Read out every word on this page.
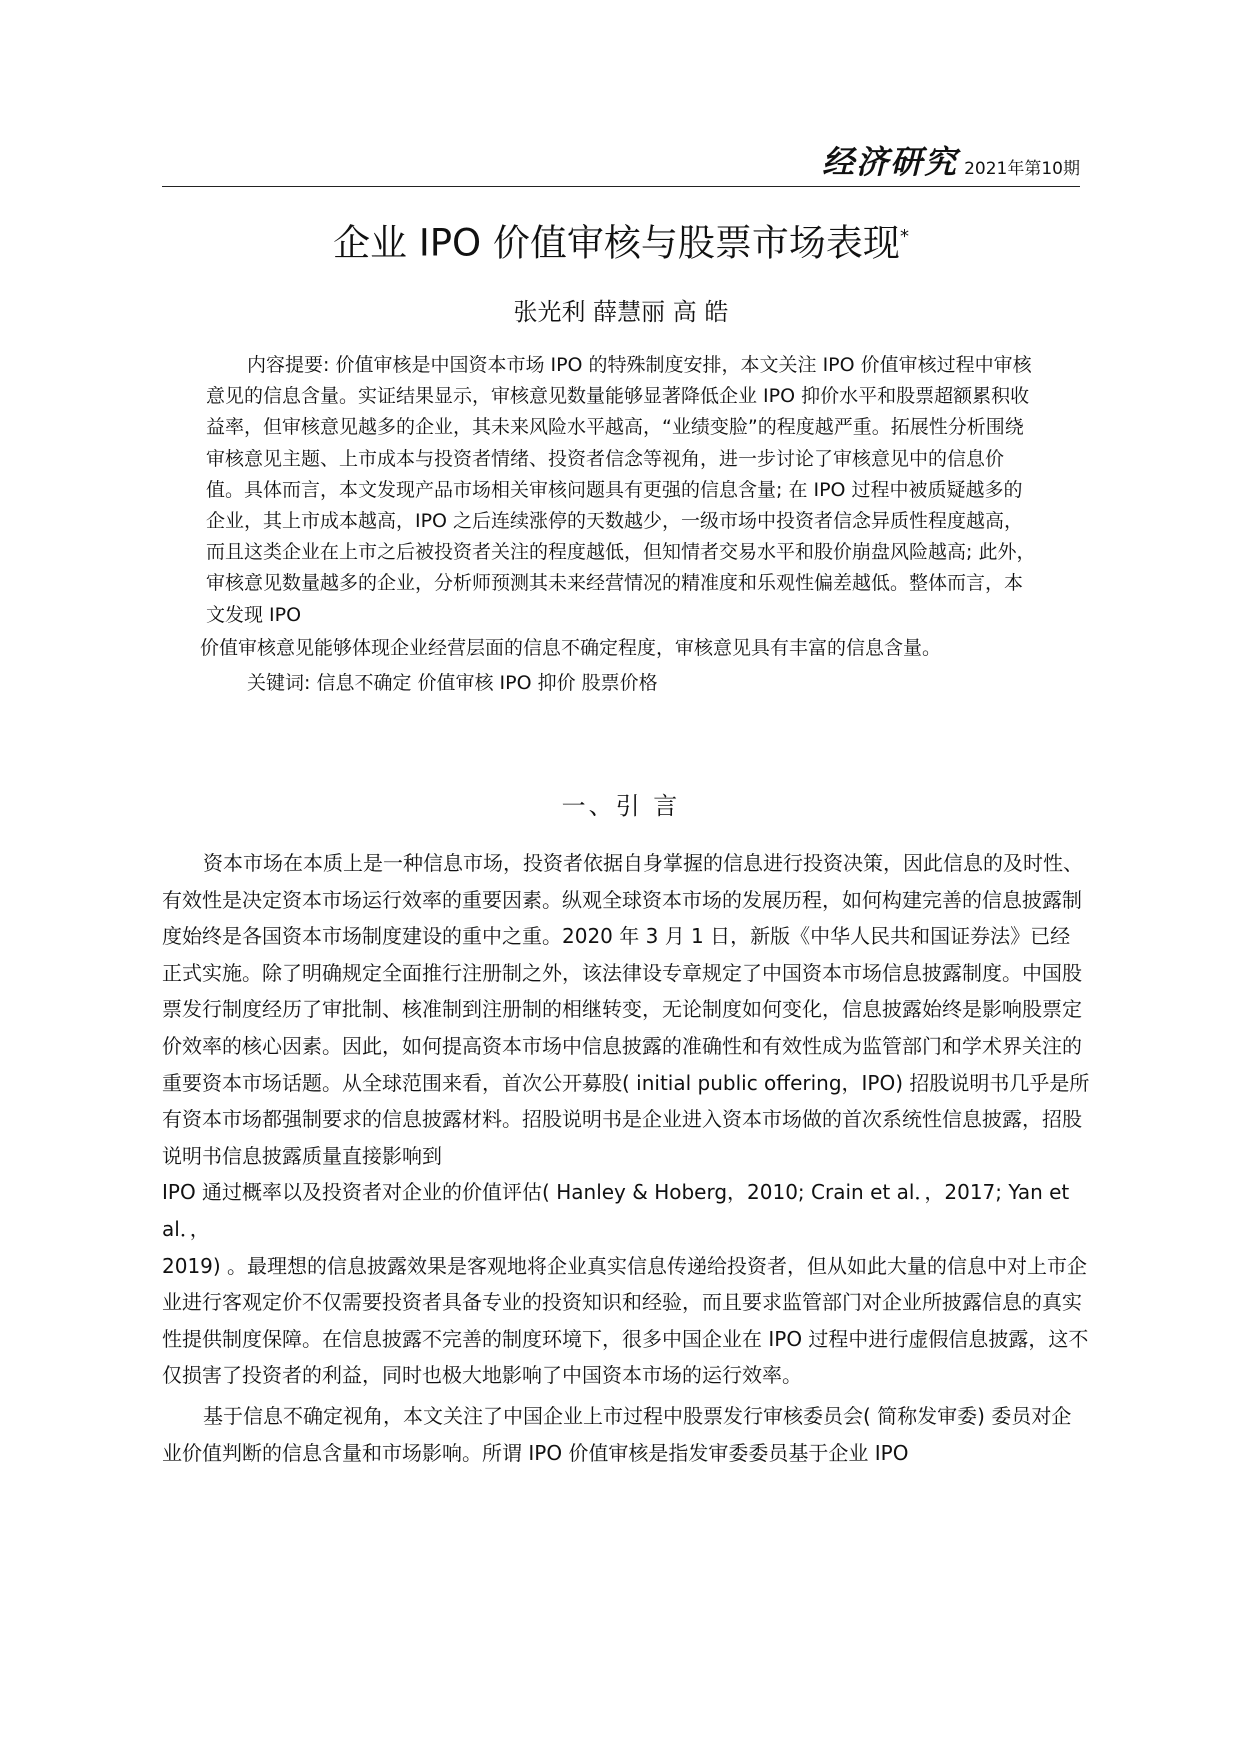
经济研究 2021年第10期
企业 IPO 价值审核与股票市场表现*
张光利 薛慧丽 高 皓

内容提要: 价值审核是中国资本市场 IPO 的特殊制度安排，本文关注 IPO 价值审核过程中审核意见的信息含量。实证结果显示，审核意见数量能够显著降低企业 IPO 抑价水平和股票超额累积收益率，但审核意见越多的企业，其未来风险水平越高，“业绩变脸”的程度越严重。拓展性分析围绕审核意见主题、上市成本与投资者情绪、投资者信念等视角，进一步讨论了审核意见中的信息价值。具体而言，本文发现产品市场相关审核问题具有更强的信息含量; 在 IPO 过程中被质疑越多的企业，其上市成本越高，IPO 之后连续涨停的天数越少，一级市场中投资者信念异质性程度越高，而且这类企业在上市之后被投资者关注的程度越低，但知情者交易水平和股价崩盘风险越高; 此外，审核意见数量越多的企业，分析师预测其未来经营情况的精准度和乐观性偏差越低。整体而言，本文发现 IPO

价值审核意见能够体现企业经营层面的信息不确定程度，审核意见具有丰富的信息含量。

关键词: 信息不确定 价值审核 IPO 抑价 股票价格

一、引 言

资本市场在本质上是一种信息市场，投资者依据自身掌握的信息进行投资决策，因此信息的及时性、有效性是决定资本市场运行效率的重要因素。纵观全球资本市场的发展历程，如何构建完善的信息披露制度始终是各国资本市场制度建设的重中之重。2020 年 3 月 1 日，新版《中华人民共和国证券法》已经正式实施。除了明确规定全面推行注册制之外，该法律设专章规定了中国资本市场信息披露制度。中国股票发行制度经历了审批制、核准制到注册制的相继转变，无论制度如何变化，信息披露始终是影响股票定价效率的核心因素。因此，如何提高资本市场中信息披露的准确性和有效性成为监管部门和学术界关注的重要资本市场话题。从全球范围来看，首次公开募股( initial public offering，IPO) 招股说明书几乎是所有资本市场都强制要求的信息披露材料。招股说明书是企业进入资本市场做的首次系统性信息披露，招股说明书信息披露质量直接影响到

IPO 通过概率以及投资者对企业的价值评估( Hanley & Hoberg，2010; Crain et al．，2017; Yan et al．，

2019) 。最理想的信息披露效果是客观地将企业真实信息传递给投资者，但从如此大量的信息中对上市企业进行客观定价不仅需要投资者具备专业的投资知识和经验，而且要求监管部门对企业所披露信息的真实性提供制度保障。在信息披露不完善的制度环境下，很多中国企业在 IPO 过程中进行虚假信息披露，这不仅损害了投资者的利益，同时也极大地影响了中国资本市场的运行效率。

基于信息不确定视角，本文关注了中国企业上市过程中股票发行审核委员会( 简称发审委) 委员对企业价值判断的信息含量和市场影响。所谓 IPO 价值审核是指发审委委员基于企业 IPO
